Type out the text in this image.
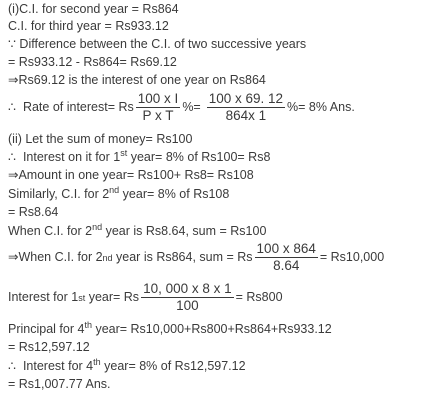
(i)C.I. for second year = Rs864
C.I. for third year = Rs933.12
∵ Difference between the C.I. of two successive years
= Rs933.12 - Rs864= Rs69.12
⇒Rs69.12 is the interest of one year on Rs864
∴ Rate of interest= Rs $\frac{\text{100 x I}}{\text{P x T}}$ %= $\frac{100 x 69. 12}{864x 1}$ %= 8% Ans.
(ii) Let the sum of money= Rs100
∴ Interest on it for 1st year= 8% of Rs100= Rs8
⇒Amount in one year= Rs100+ Rs8= Rs108
Similarly, C.I. for 2nd year= 8% of Rs108
= Rs8.64
When C.I. for 2nd year is Rs8.64, sum = Rs100
⇒When C.I. for 2 nd
year is Rs864, sum = Rs $\frac{100 x 864}{8.64} = Rs10,000$
Interest for 1 st
year= Rs $\frac{10, 000 x 8 x 1}{100} = Rs800$
Principal for 4th year= Rs10,000+Rs800+Rs864+Rs933.12
= Rs12,597.12
∴ Interest for 4th year= 8% of Rs12,597.12
= Rs1,007.77 Ans.
